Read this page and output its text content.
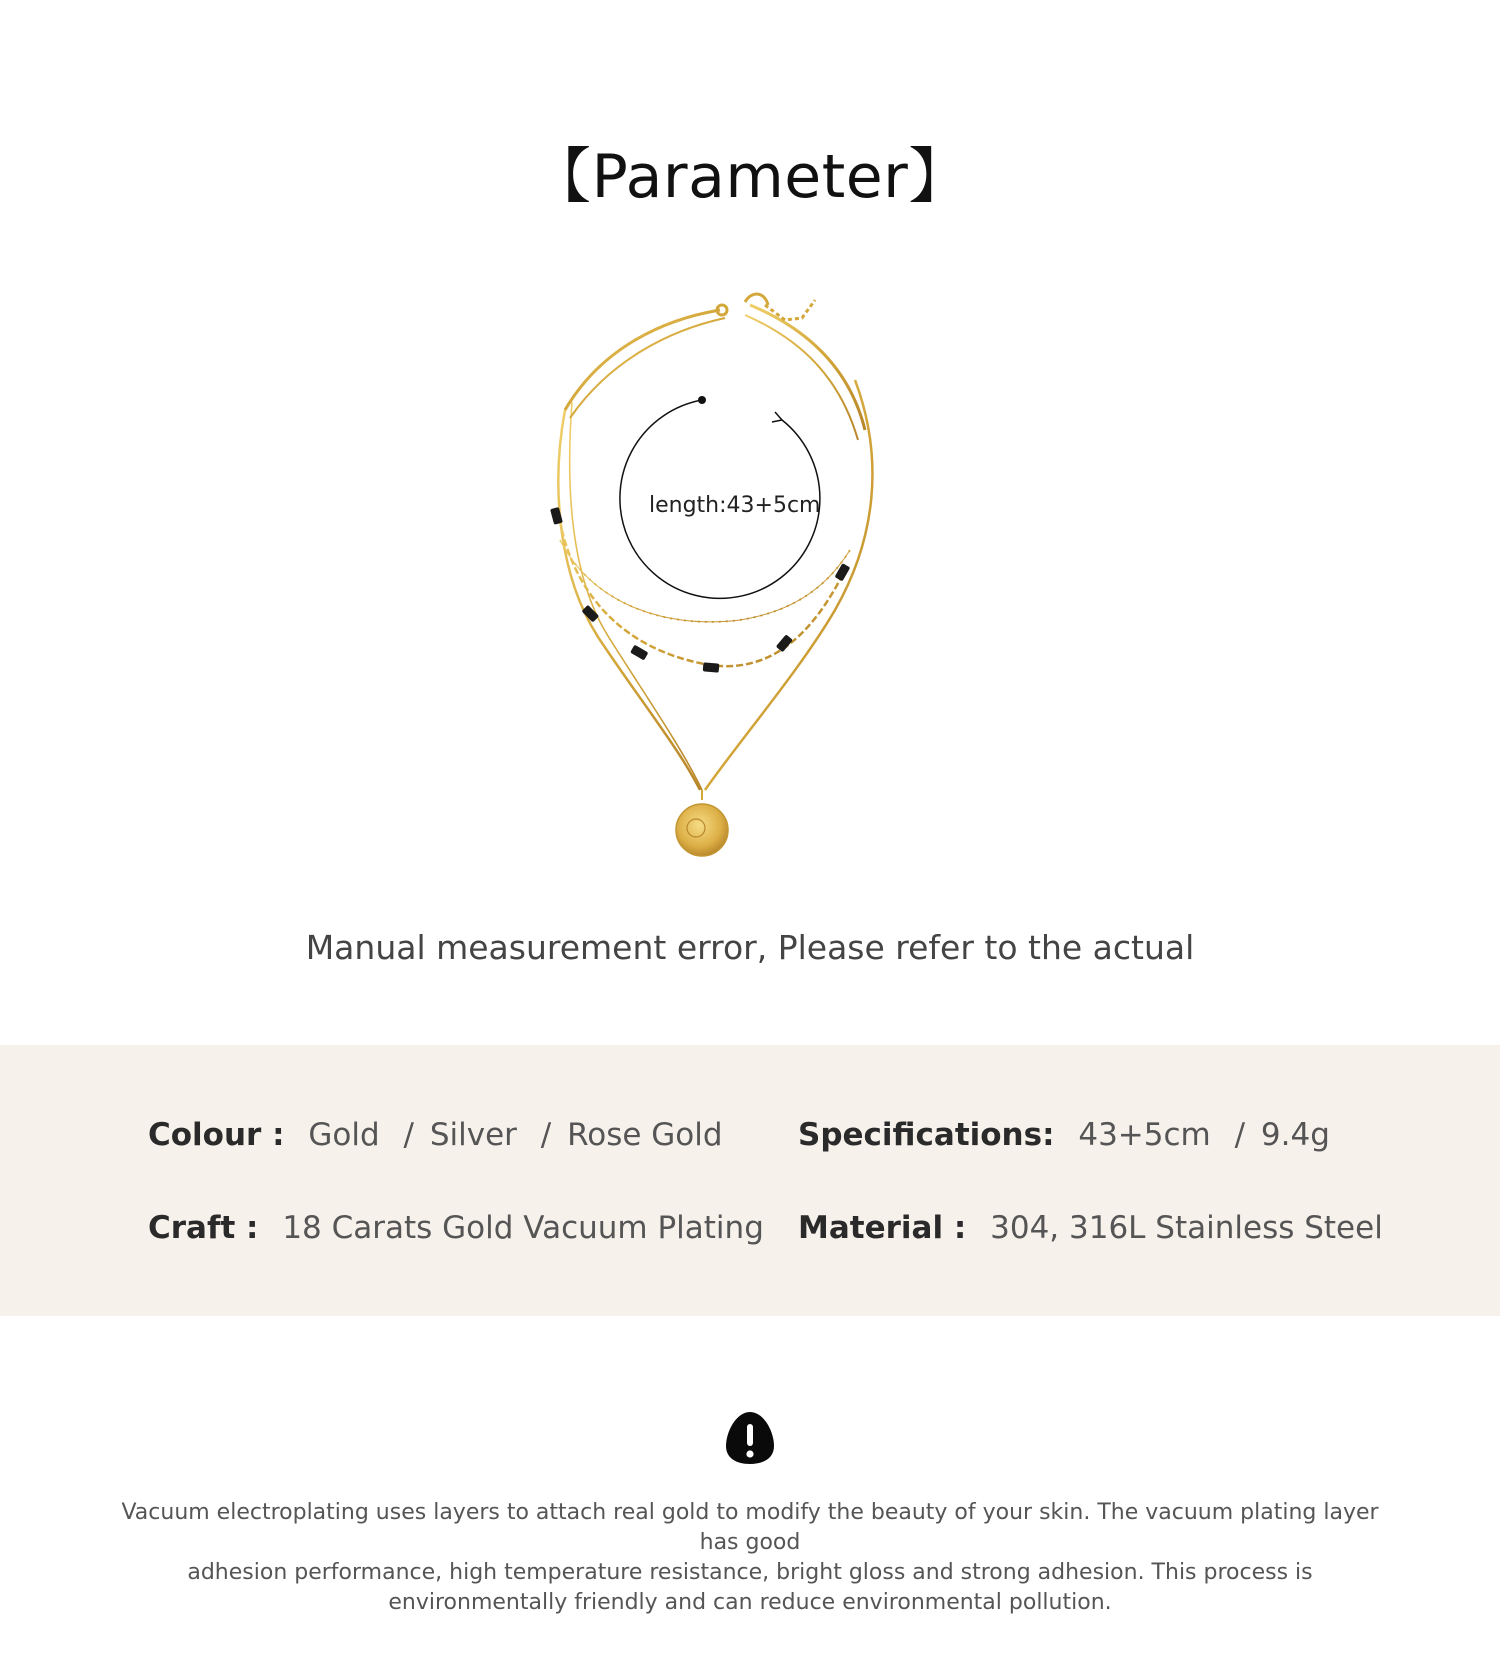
【Parameter】
length:43+5cm
Manual measurement error, Please refer to the actual
Colour : Gold / Silver / Rose Gold Specifications: 43+5cm / 9.4g
Craft : 18 Carats Gold Vacuum Plating Material : 304, 316L Stainless Steel
Vacuum electroplating uses layers to attach real gold to modify the beauty of your skin. The vacuum plating layer has good
adhesion performance, high temperature resistance, bright gloss and strong adhesion. This process is
environmentally friendly and can reduce environmental pollution.
